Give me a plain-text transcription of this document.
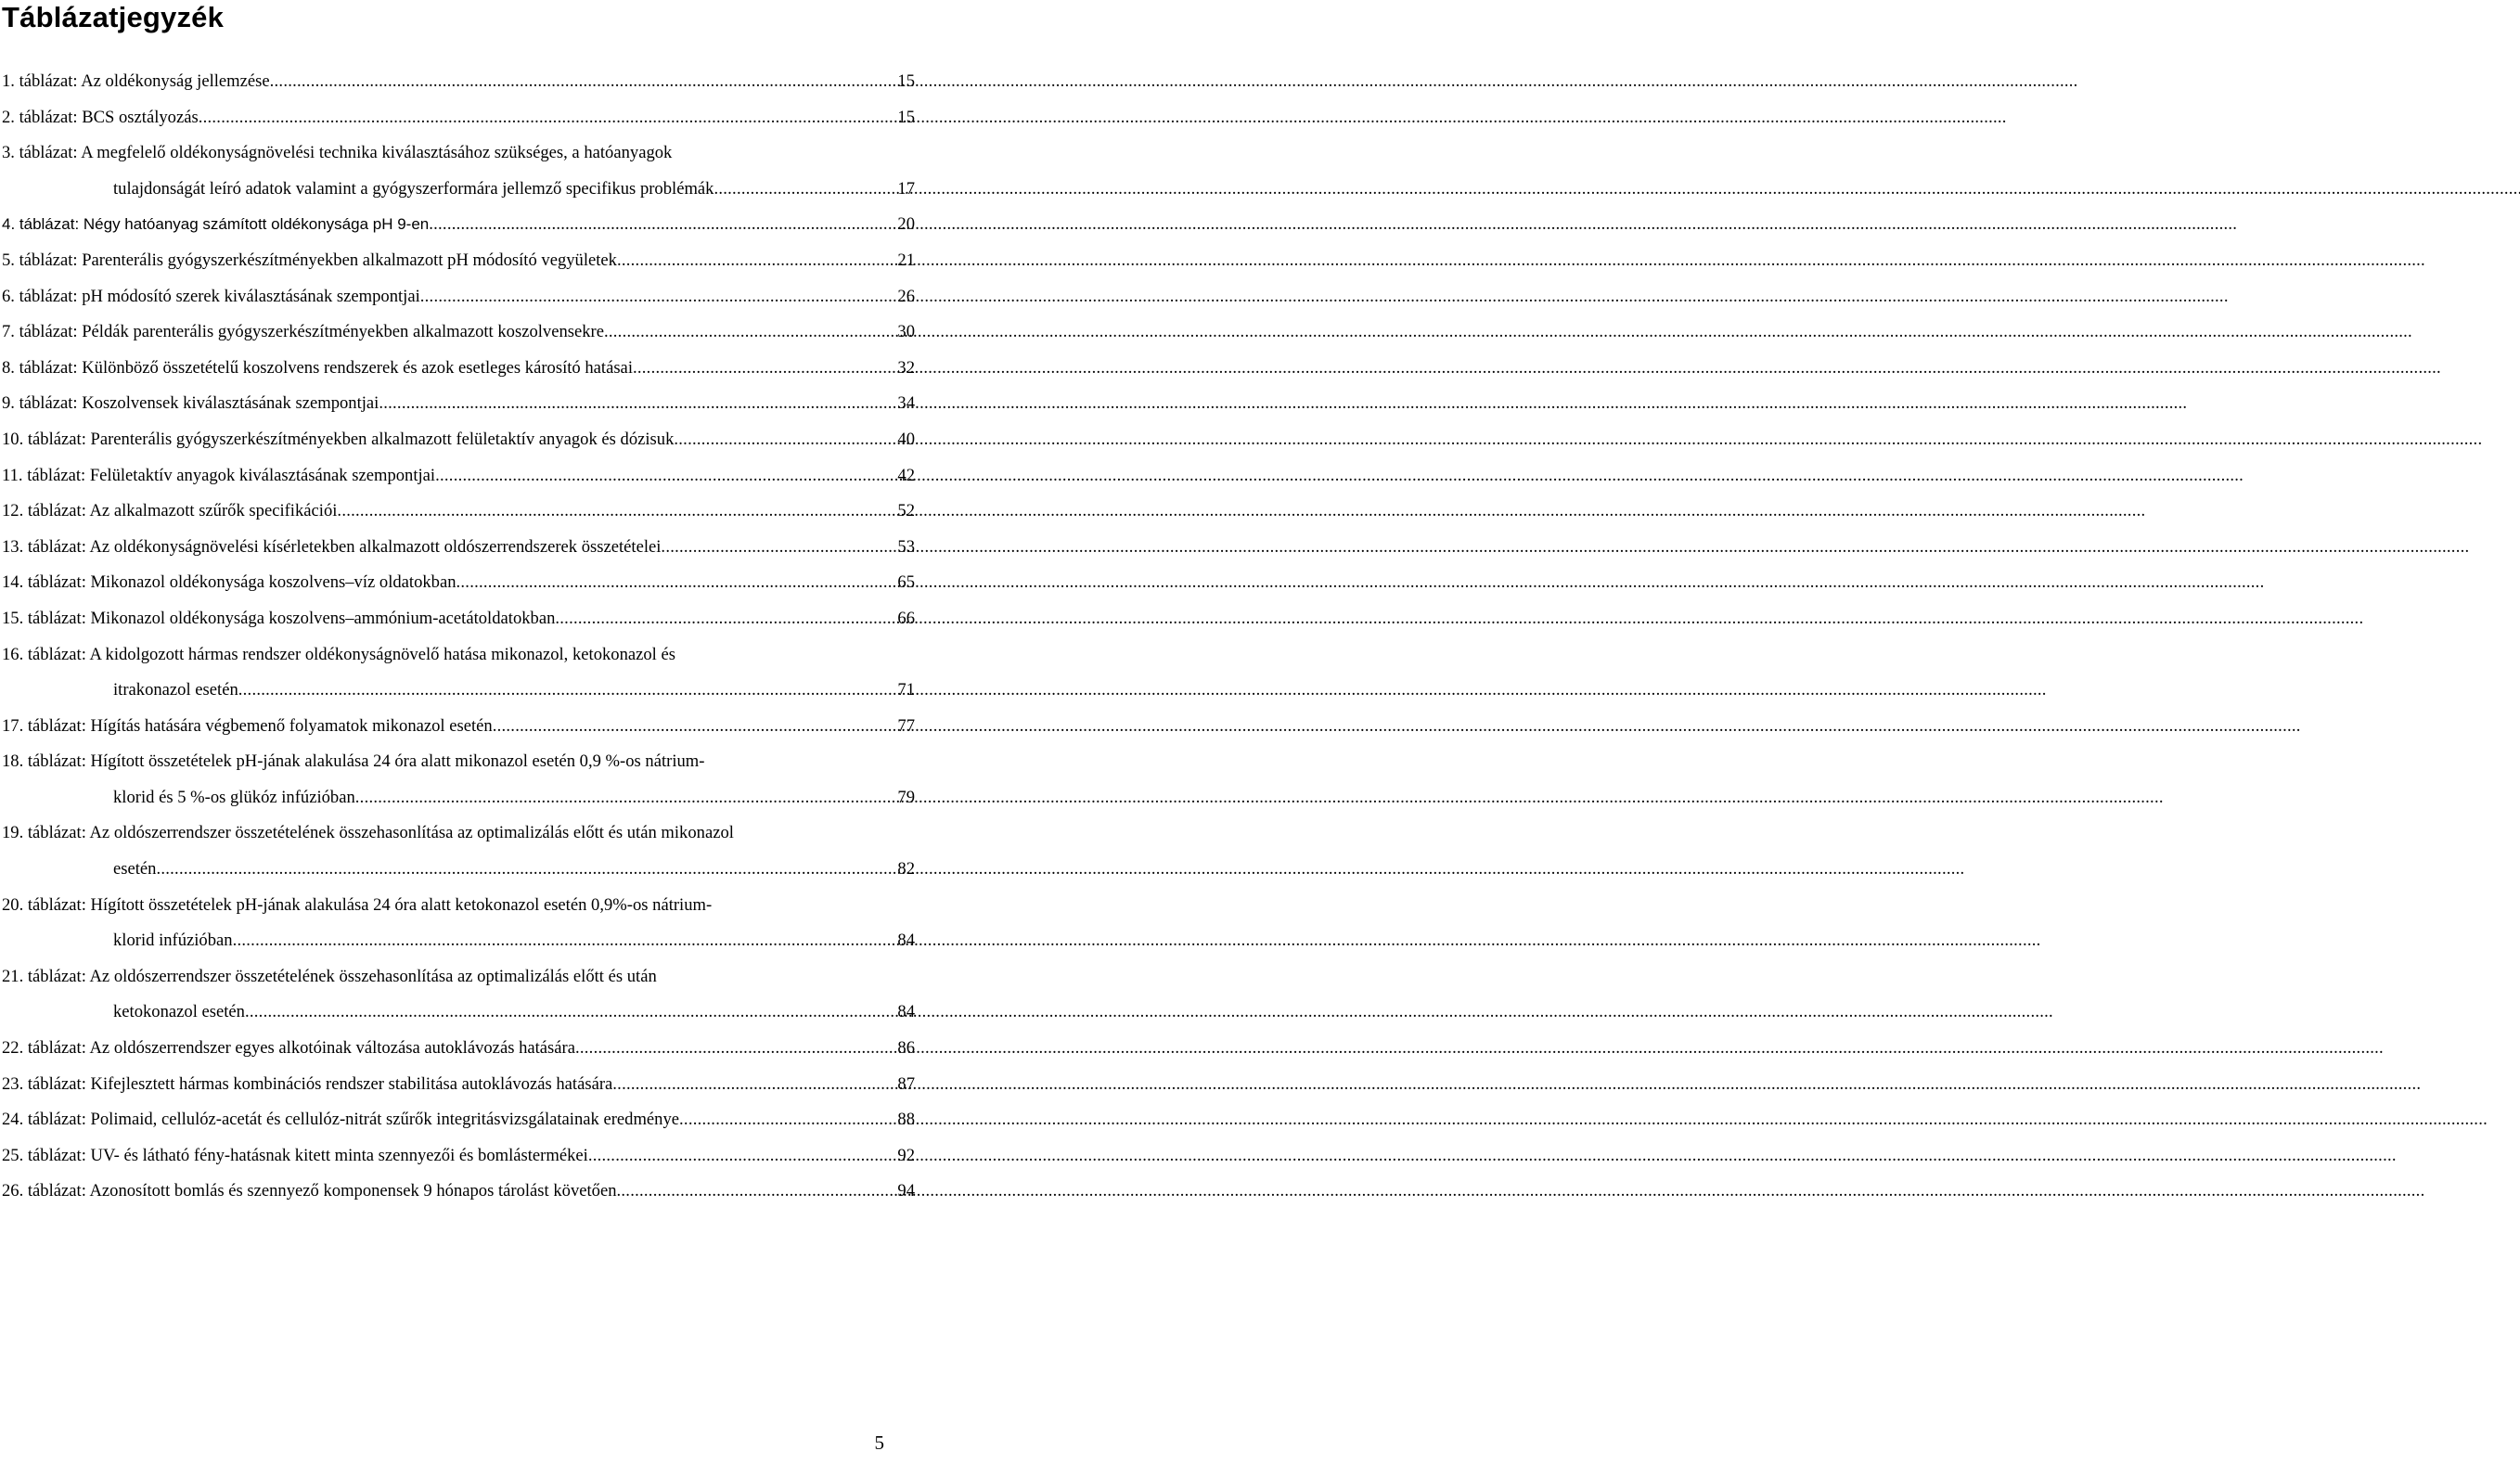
Táblázatjegyzék
1. táblázat: Az oldékonyság jellemzése . . .	15
2. táblázat: BCS osztályozás . . .	15
3. táblázat: A megfelelő oldékonyságnövelési technika kiválasztásához szükséges, a hatóanyagok
tulajdonságát leíró adatok valamint a gyógyszerformára jellemző specifikus problémák . . .	17
4. táblázat: Négy hatóanyag számított oldékonysága pH 9-en . . .	20
5. táblázat: Parenterális gyógyszerkészítményekben alkalmazott pH módosító vegyületek . . .	21
6. táblázat: pH módosító szerek kiválasztásának szempontjai . . .	26
7. táblázat: Példák parenterális gyógyszerkészítményekben alkalmazott koszolvensekre . . .	30
8. táblázat: Különböző összetételű koszolvens rendszerek és azok esetleges károsító hatásai . . .	32
9. táblázat: Koszolvensek kiválasztásának szempontjai . . .	34
10. táblázat: Parenterális gyógyszerkészítményekben alkalmazott felületaktív anyagok és dózisuk . . .	40
11. táblázat: Felületaktív anyagok kiválasztásának szempontjai . . .	42
12. táblázat: Az alkalmazott szűrők specifikációi . . .	52
13. táblázat: Az oldékonyságnövelési kísérletekben alkalmazott oldószerrendszerek összetételei . . .	53
14. táblázat: Mikonazol oldékonysága koszolvens–víz oldatokban . . .	65
15. táblázat: Mikonazol oldékonysága koszolvens–ammónium-acetátoldatokban . . .	66
16. táblázat: A kidolgozott hármas rendszer oldékonyságnövelő hatása mikonazol, ketokonazol és
itrakonazol esetén . . .	71
17. táblázat: Hígítás hatására végbemenő folyamatok mikonazol esetén . . .	77
18. táblázat: Hígított összetételek pH-jának alakulása 24 óra alatt mikonazol esetén 0,9 %-os nátrium-
klorid és 5 %-os glükóz infúzióban . . .	79
19. táblázat: Az oldószerrendszer összetételének összehasonlítása az optimalizálás előtt és után mikonazol
esetén . . .	82
20. táblázat: Hígított összetételek pH-jának alakulása 24 óra alatt ketokonazol esetén 0,9%-os nátrium-
klorid infúzióban . . .	84
21. táblázat: Az oldószerrendszer összetételének összehasonlítása az optimalizálás előtt és után
ketokonazol esetén . . .	84
22. táblázat: Az oldószerrendszer egyes alkotóinak változása autoklávozás hatására . . .	86
23. táblázat: Kifejlesztett hármas kombinációs rendszer stabilitása autoklávozás hatására . . .	87
24. táblázat: Polimaid, cellulóz-acetát és cellulóz-nitrát szűrők integritásvizsgálatainak eredménye . . .	88
25. táblázat: UV- és látható fény-hatásnak kitett minta szennyezői és bomlástermékei . . .	92
26. táblázat: Azonosított bomlás és szennyező komponensek 9 hónapos tárolást követően . . .	94

5
